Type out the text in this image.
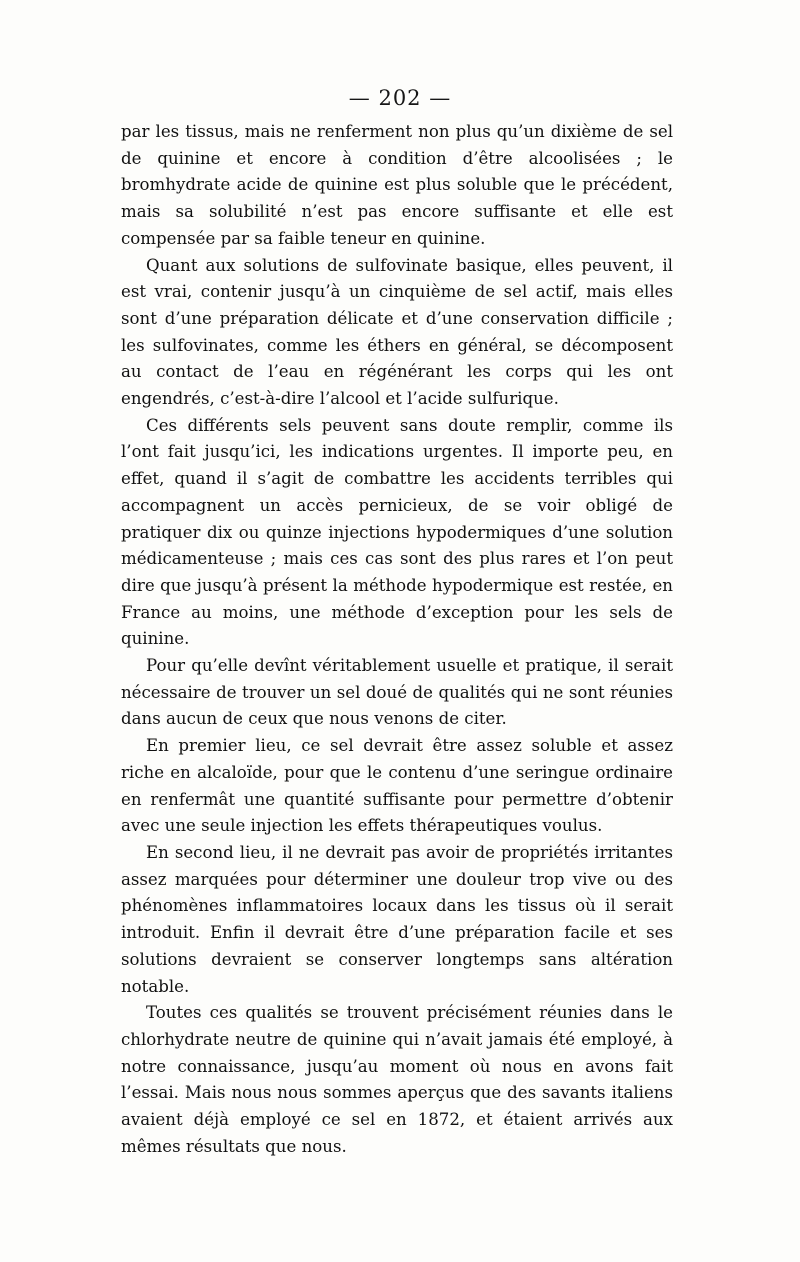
— 202 —

par les tissus, mais ne renferment non plus qu’un dixième de sel de quinine et encore à condition d’être alcoolisées ; le bromhydrate acide de quinine est plus soluble que le précédent, mais sa solubilité n’est pas encore suffisante et elle est compensée par sa faible teneur en quinine.

Quant aux solutions de sulfovinate basique, elles peuvent, il est vrai, contenir jusqu’à un cinquième de sel actif, mais elles sont d’une préparation délicate et d’une conservation difficile ; les sulfovinates, comme les éthers en général, se décomposent au contact de l’eau en régénérant les corps qui les ont engendrés, c’est-à-dire l’alcool et l’acide sulfurique.

Ces différents sels peuvent sans doute remplir, comme ils l’ont fait jusqu’ici, les indications urgentes. Il importe peu, en effet, quand il s’agit de combattre les accidents terribles qui accompagnent un accès pernicieux, de se voir obligé de pratiquer dix ou quinze injections hypodermiques d’une solution médicamenteuse ; mais ces cas sont des plus rares et l’on peut dire que jusqu’à présent la méthode hypodermique est restée, en France au moins, une méthode d’exception pour les sels de quinine.

Pour qu’elle devînt véritablement usuelle et pratique, il serait nécessaire de trouver un sel doué de qualités qui ne sont réunies dans aucun de ceux que nous venons de citer.

En premier lieu, ce sel devrait être assez soluble et assez riche en alcaloïde, pour que le contenu d’une seringue ordinaire en renfermât une quantité suffisante pour permettre d’obtenir avec une seule injection les effets thérapeutiques voulus.

En second lieu, il ne devrait pas avoir de propriétés irritantes assez marquées pour déterminer une douleur trop vive ou des phénomènes inflammatoires locaux dans les tissus où il serait introduit. Enfin il devrait être d’une préparation facile et ses solutions devraient se conserver longtemps sans altération notable.

Toutes ces qualités se trouvent précisément réunies dans le chlorhydrate neutre de quinine qui n’avait jamais été employé, à notre connaissance, jusqu’au moment où nous en avons fait l’essai. Mais nous nous sommes aperçus que des savants italiens avaient déjà employé ce sel en 1872, et étaient arrivés aux mêmes résultats que nous.
